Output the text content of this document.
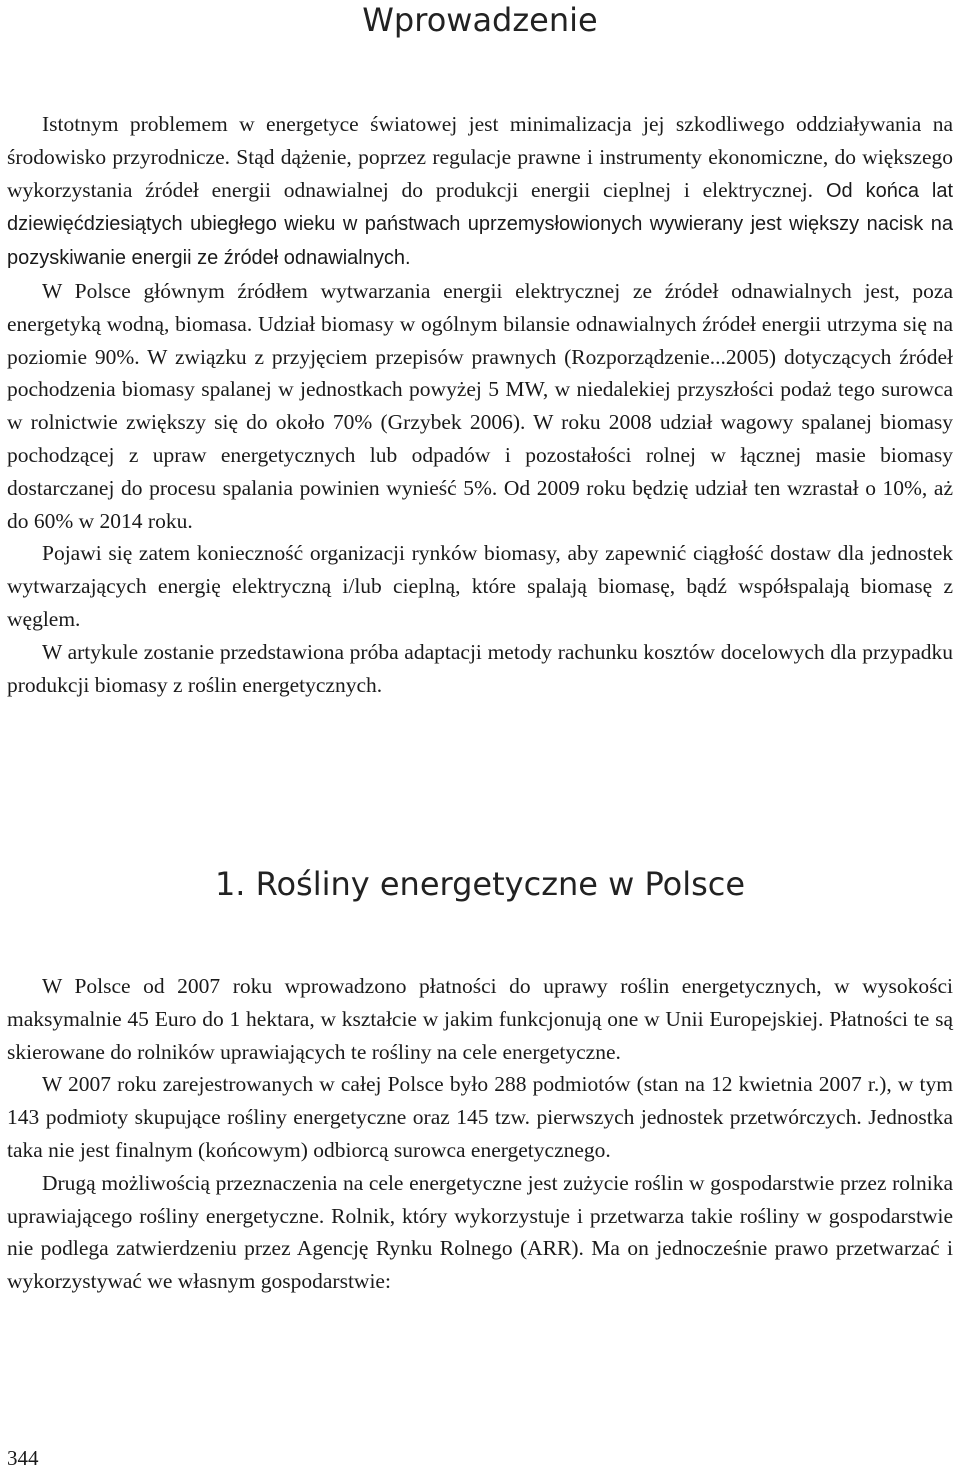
Wprowadzenie

Istotnym problemem w energetyce światowej jest minimalizacja jej szkodliwego oddziaływania na środowisko przyrodnicze. Stąd dążenie, poprzez regulacje prawne i instrumenty ekonomiczne, do większego wykorzystania źródeł energii odnawialnej do produkcji energii cieplnej i elektrycznej. Od końca lat dziewięćdziesiątych ubiegłego wieku w państwach uprzemysłowionych wywierany jest większy nacisk na pozyskiwanie energii ze źródeł odnawialnych.

W Polsce głównym źródłem wytwarzania energii elektrycznej ze źródeł odnawialnych jest, poza energetyką wodną, biomasa. Udział biomasy w ogólnym bilansie odnawialnych źródeł energii utrzyma się na poziomie 90%. W związku z przyjęciem przepisów prawnych (Rozporządzenie...2005) dotyczących źródeł pochodzenia biomasy spalanej w jednostkach powyżej 5 MW, w niedalekiej przyszłości podaż tego surowca w rolnictwie zwiększy się do około 70% (Grzybek 2006). W roku 2008 udział wagowy spalanej biomasy pochodzącej z upraw energetycznych lub odpadów i pozostałości rolnej w łącznej masie biomasy dostarczanej do procesu spalania powinien wynieść 5%. Od 2009 roku będzię udział ten wzrastał o 10%, aż do 60% w 2014 roku.

Pojawi się zatem konieczność organizacji rynków biomasy, aby zapewnić ciągłość dostaw dla jednostek wytwarzających energię elektryczną i/lub cieplną, które spalają biomasę, bądź współspalają biomasę z węglem.

W artykule zostanie przedstawiona próba adaptacji metody rachunku kosztów docelowych dla przypadku produkcji biomasy z roślin energetycznych.

1. Rośliny energetyczne w Polsce

W Polsce od 2007 roku wprowadzono płatności do uprawy roślin energetycznych, w wysokości maksymalnie 45 Euro do 1 hektara, w kształcie w jakim funkcjonują one w Unii Europejskiej. Płatności te są skierowane do rolników uprawiających te rośliny na cele energetyczne.

W 2007 roku zarejestrowanych w całej Polsce było 288 podmiotów (stan na 12 kwietnia 2007 r.), w tym 143 podmioty skupujące rośliny energetyczne oraz 145 tzw. pierwszych jednostek przetwórczych. Jednostka taka nie jest finalnym (końcowym) odbiorcą surowca energetycznego.

Drugą możliwością przeznaczenia na cele energetyczne jest zużycie roślin w gospodarstwie przez rolnika uprawiającego rośliny energetyczne. Rolnik, który wykorzystuje i przetwarza takie rośliny w gospodarstwie nie podlega zatwierdzeniu przez Agencję Rynku Rolnego (ARR). Ma on jednocześnie prawo przetwarzać i wykorzystywać we własnym gospodarstwie:

344
